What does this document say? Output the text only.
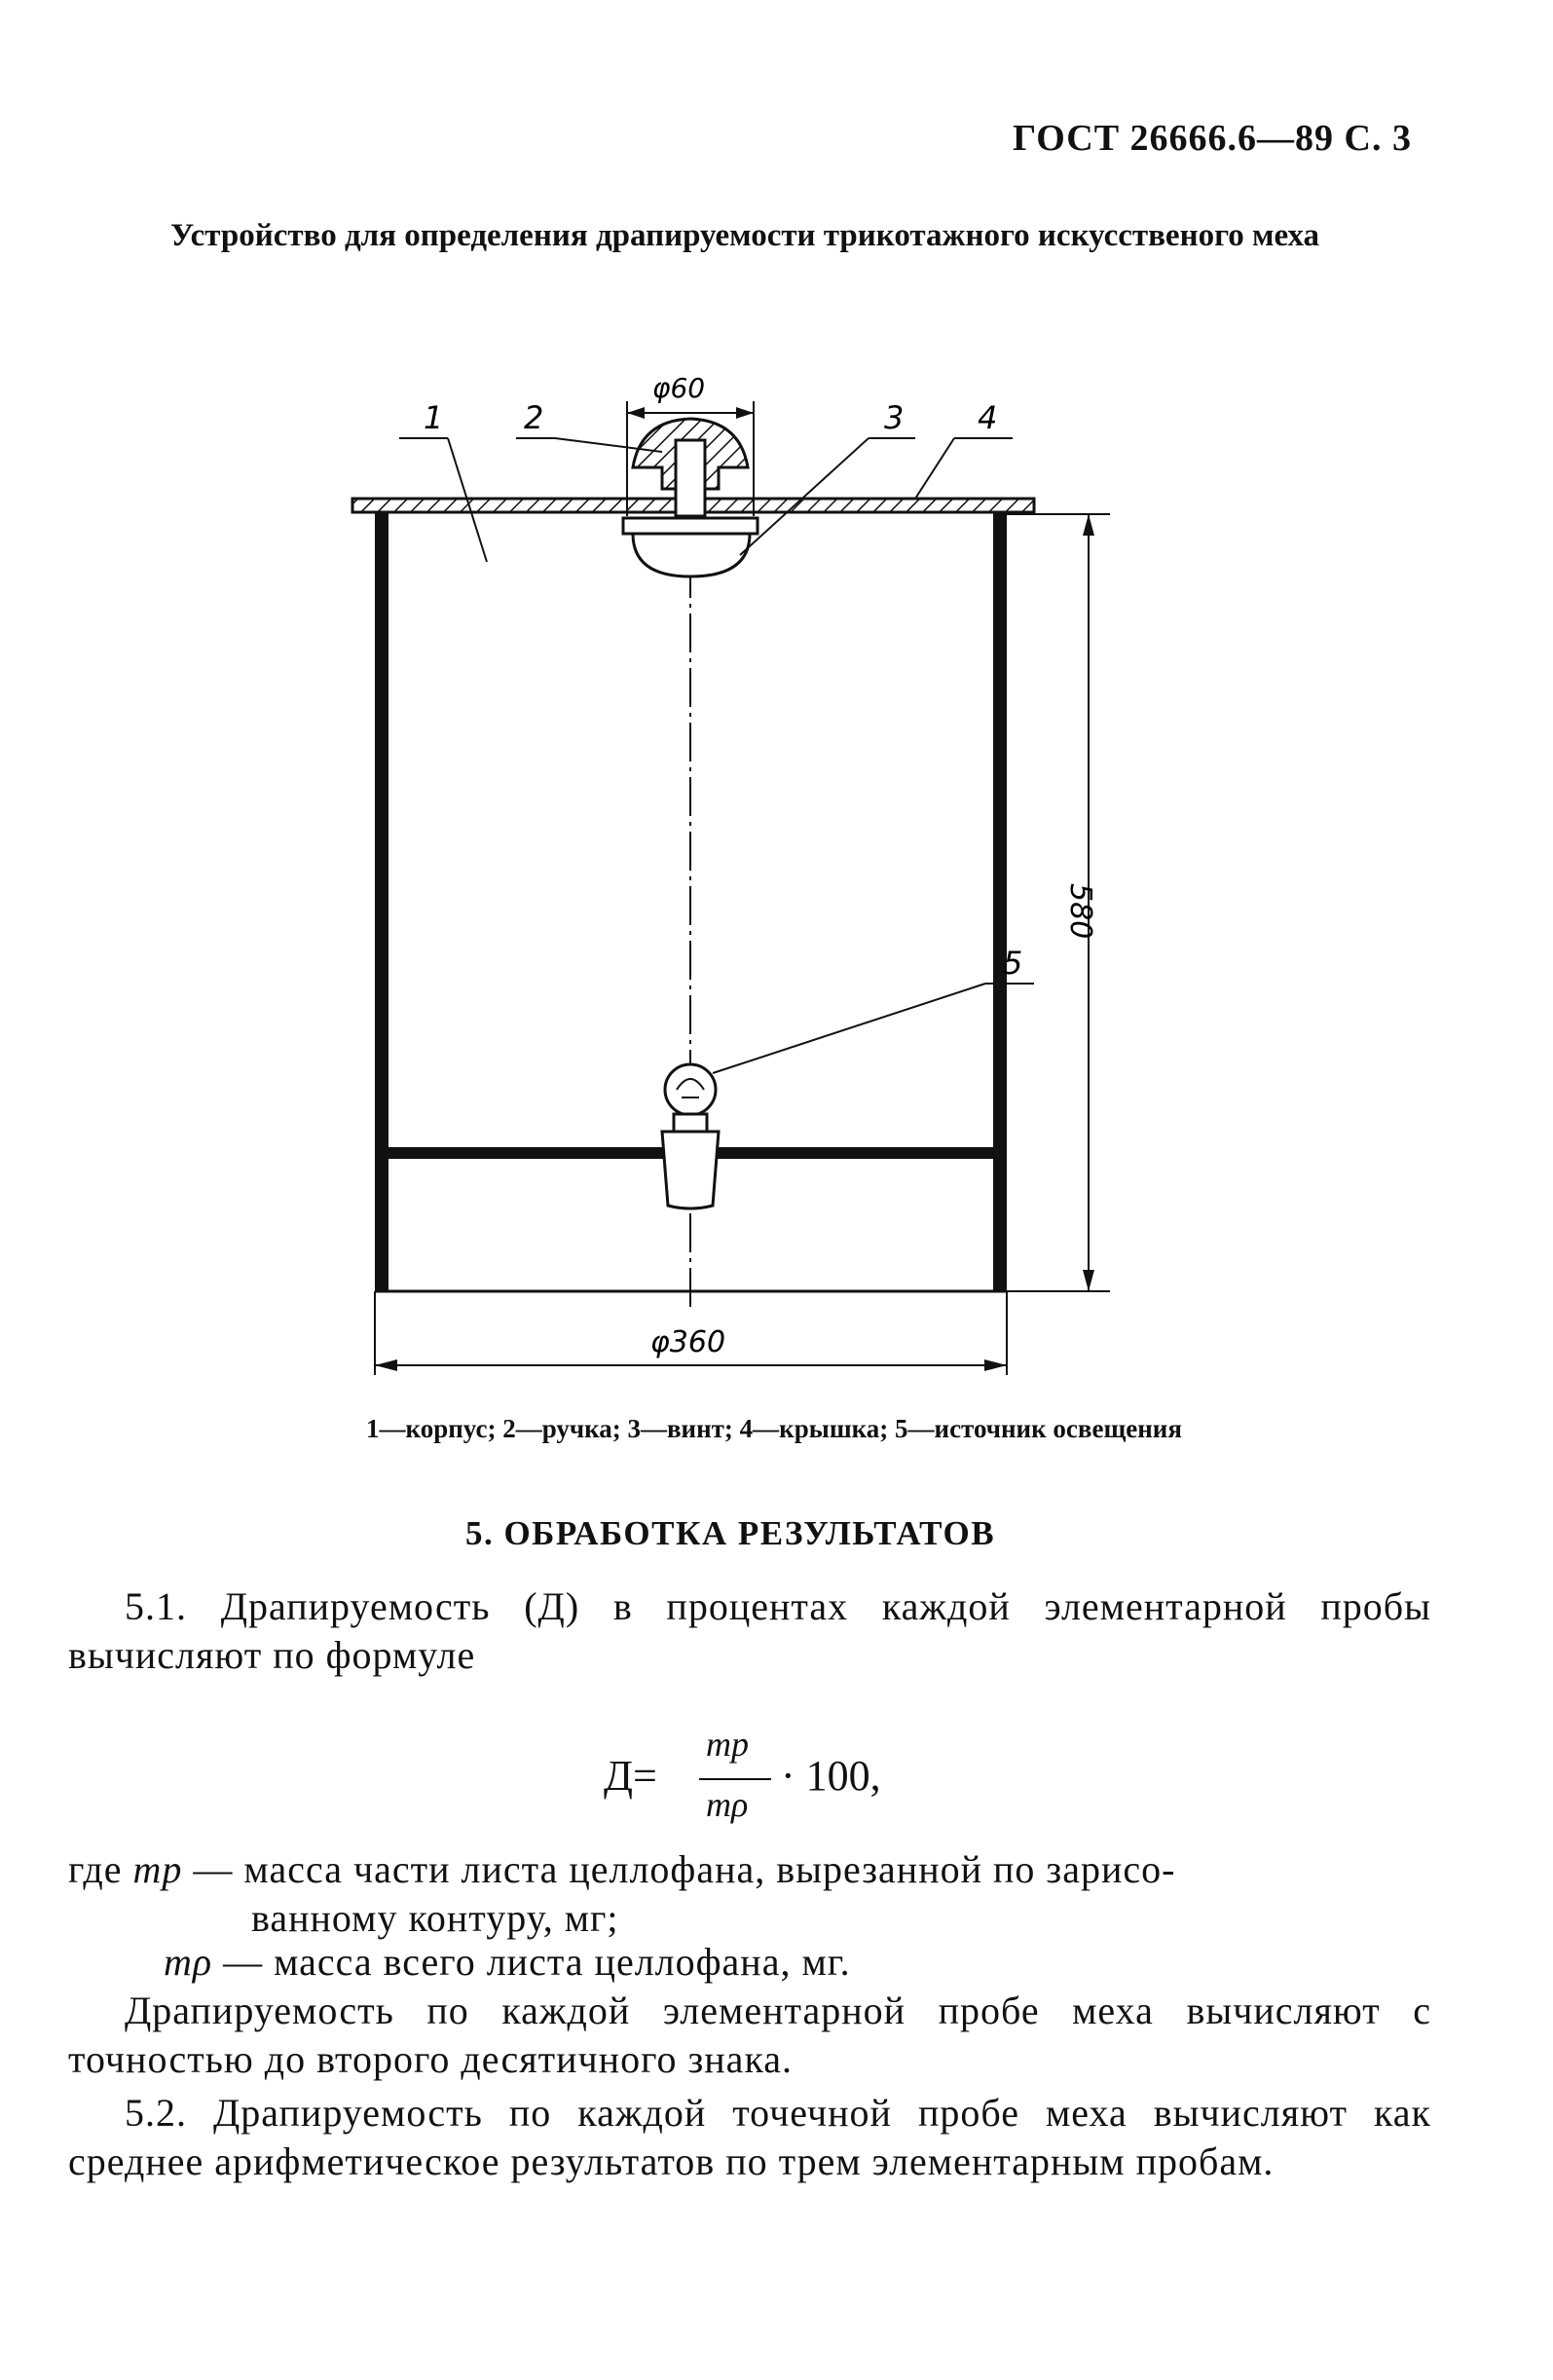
ГОСТ 26666.6—89 С. 3
Устройство для определения драпируемости трикотажного искусственого меха
φ60
580
φ360
1	2	3 4
5
1—корпус; 2—ручка; 3—винт; 4—крышка; 5—источник освещения
5. ОБРАБОТКА РЕЗУЛЬТАТОВ
5.1. Драпируемость (Д) в процентах каждой элементарной пробы вычисляют по формуле
Д=
mр
mρ
· 100,
где mр — масса части листа целлофана, вырезанной по зарисо-
ванному контуру, мг;
mρ — масса всего листа целлофана, мг.
Драпируемость по каждой элементарной пробе меха вычисляют с точностью до второго десятичного знака.
5.2. Драпируемость по каждой точечной пробе меха вычисляют как среднее арифметическое результатов по трем элементарным пробам.
